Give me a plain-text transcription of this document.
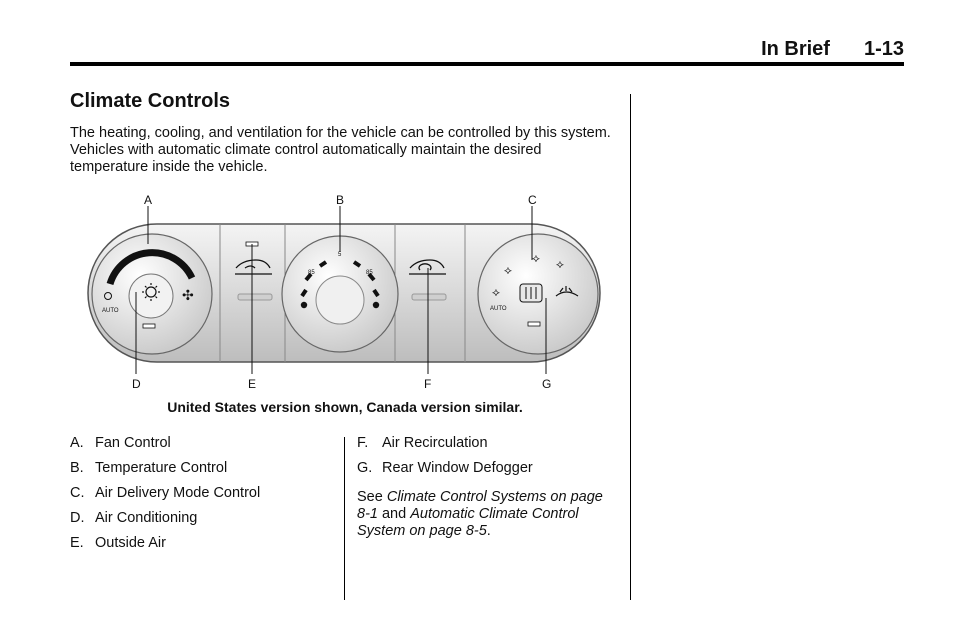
In Brief 1-13
Climate Controls
The heating, cooling, and ventilation for the vehicle can be controlled by this system. Vehicles with automatic climate control automatically maintain the desired temperature inside the vehicle.
✣
AUTO
85	85
5
⟡
⟡ ⟡
⟡
AUTO
A	B	C
D	E	F	G
United States version shown, Canada version similar.
A. Fan Control
B. Temperature Control
C. Air Delivery Mode Control
D. Air Conditioning
E. Outside Air
F. Air Recirculation
G. Rear Window Defogger
See Climate Control Systems on page 8-1 and Automatic Climate Control System on page 8-5.
